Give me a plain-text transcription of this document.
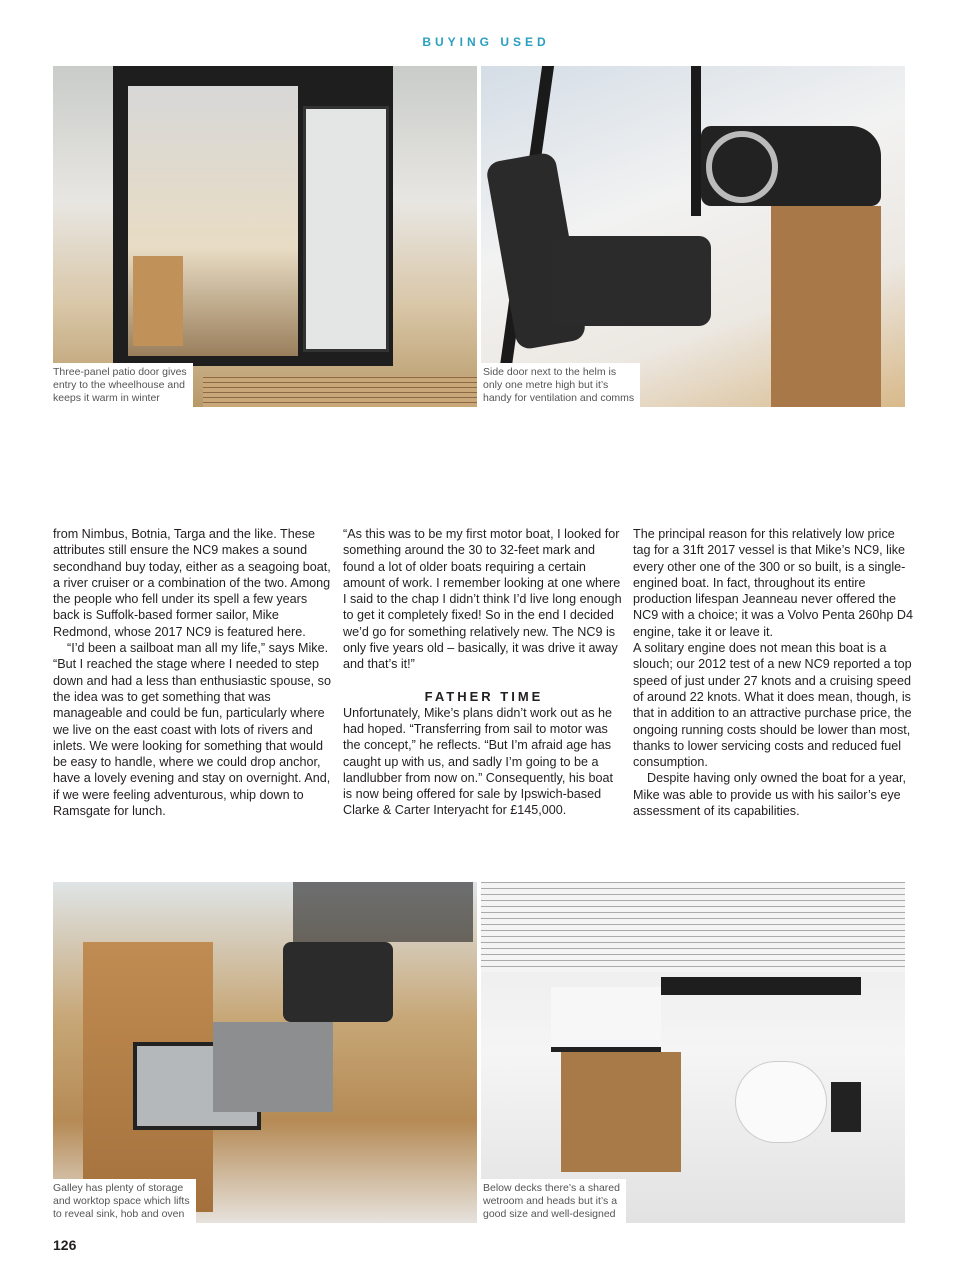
BUYING USED
Three-panel patio door gives
entry to the wheelhouse and
keeps it warm in winter
Side door next to the helm is
only one metre high but it’s
handy for ventilation and comms

from Nimbus, Botnia, Targa and the like. These attributes still ensure the NC9 makes a sound secondhand buy today, either as a seagoing boat, a river cruiser or a combination of the two. Among the people who fell under its spell a few years back is Suffolk-based former sailor, Mike Redmond, whose 2017 NC9 is featured here.

“I’d been a sailboat man all my life,” says Mike. “But I reached the stage where I needed to step down and had a less than enthusiastic spouse, so the idea was to get something that was manageable and could be fun, particularly where we live on the east coast with lots of rivers and inlets. We were looking for something that would be easy to handle, where we could drop anchor, have a lovely evening and stay on overnight. And, if we were feeling adventurous, whip down to Ramsgate for lunch.

“As this was to be my first motor boat, I looked for something around the 30 to 32-feet mark and found a lot of older boats requiring a certain amount of work. I remember looking at one where I said to the chap I didn’t think I’d live long enough to get it completely fixed! So in the end I decided we’d go for something relatively new. The NC9 is only five years old – basically, it was drive it away and that’s it!”

FATHER TIME

Unfortunately, Mike’s plans didn’t work out as he had hoped. “Transferring from sail to motor was the concept,” he reflects. “But I’m afraid age has caught up with us, and sadly I’m going to be a landlubber from now on.” Consequently, his boat is now being offered for sale by Ipswich-based Clarke & Carter Interyacht for £145,000.

The principal reason for this relatively low price tag for a 31ft 2017 vessel is that Mike’s NC9, like every other one of the 300 or so built, is a single-engined boat. In fact, throughout its entire production lifespan Jeanneau never offered the NC9 with a choice; it was a Volvo Penta 260hp D4 engine, take it or leave it.

A solitary engine does not mean this boat is a slouch; our 2012 test of a new NC9 reported a top speed of just under 27 knots and a cruising speed of around 22 knots. What it does mean, though, is that in addition to an attractive purchase price, the ongoing running costs should be lower than most, thanks to lower servicing costs and reduced fuel consumption.

Despite having only owned the boat for a year, Mike was able to provide us with his sailor’s eye assessment of its capabilities.

Galley has plenty of storage
and worktop space which lifts
to reveal sink, hob and oven
Below decks there’s a shared
wetroom and heads but it’s a
good size and well-designed
126
